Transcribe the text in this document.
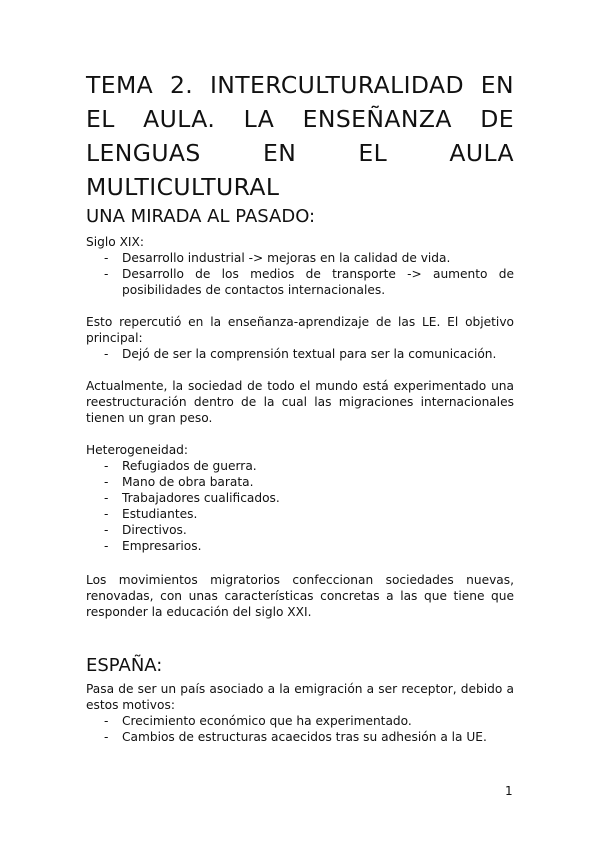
TEMA 2. INTERCULTURALIDAD EN EL AULA. LA ENSEÑANZA DE LENGUAS EN EL AULA MULTICULTURAL
UNA MIRADA AL PASADO:

Siglo XIX:

- Desarrollo industrial -> mejoras en la calidad de vida.
- Desarrollo de los medios de transporte -> aumento de posibilidades de contactos internacionales.

Esto repercutió en la enseñanza-aprendizaje de las LE. El objetivo principal:

- Dejó de ser la comprensión textual para ser la comunicación.

Actualmente, la sociedad de todo el mundo está experimentado una reestructuración dentro de la cual las migraciones internacionales tienen un gran peso.

Heterogeneidad:

- Refugiados de guerra.
- Mano de obra barata.
- Trabajadores cualificados.
- Estudiantes.
- Directivos.
- Empresarios.

Los movimientos migratorios confeccionan sociedades nuevas, renovadas, con unas características concretas a las que tiene que responder la educación del siglo XXI.

ESPAÑA:

Pasa de ser un país asociado a la emigración a ser receptor, debido a estos motivos:

- Crecimiento económico que ha experimentado.
- Cambios de estructuras acaecidos tras su adhesión a la UE.
1
